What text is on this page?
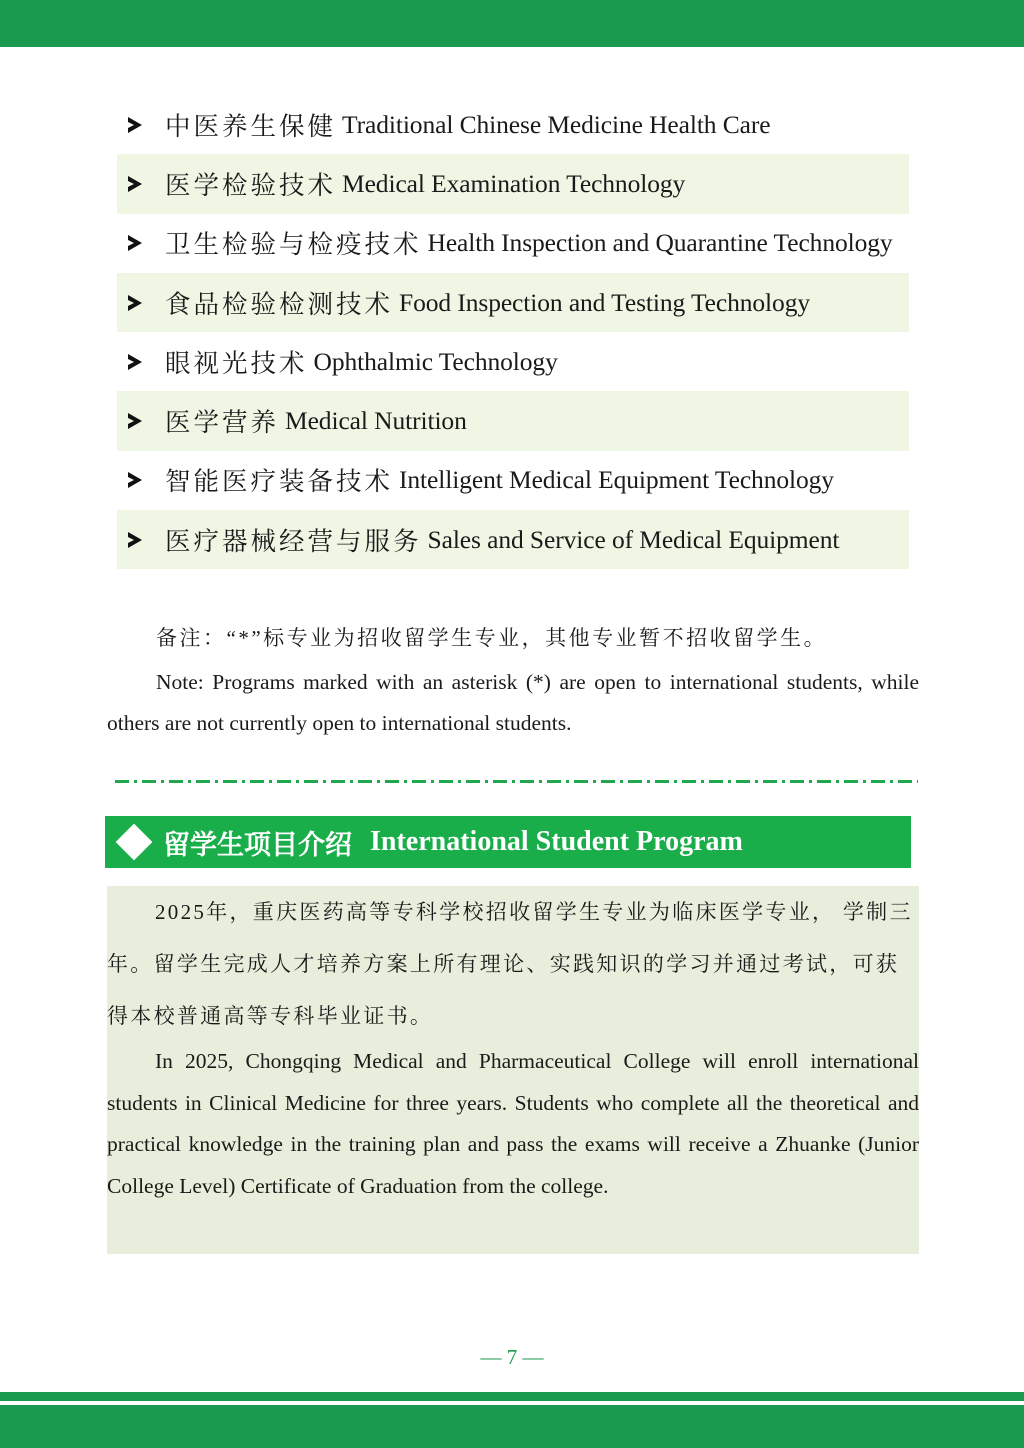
中医养生保健 Traditional Chinese Medicine Health Care
医学检验技术 Medical Examination Technology
卫生检验与检疫技术 Health Inspection and Quarantine Technology
食品检验检测技术 Food Inspection and Testing Technology
眼视光技术 Ophthalmic Technology
医学营养 Medical Nutrition
智能医疗装备技术 Intelligent Medical Equipment Technology
医疗器械经营与服务 Sales and Service of Medical Equipment
备注：“*”标专业为招收留学生专业，其他专业暂不招收留学生。
Note: Programs marked with an asterisk (*) are open to international students, while others are not currently open to international students.
留学生项目介绍 International Student Program

2025年，重庆医药高等专科学校招收留学生专业为临床医学专业， 学制三年。留学生完成人才培养方案上所有理论、实践知识的学习并通过考试，可获得本校普通高等专科毕业证书。

In 2025, Chongqing Medical and Pharmaceutical College will enroll international students in Clinical Medicine for three years. Students who complete all the theoretical and practical knowledge in the training plan and pass the exams will receive a Zhuanke (Junior College Level) Certificate of Graduation from the college.

— 7 —
